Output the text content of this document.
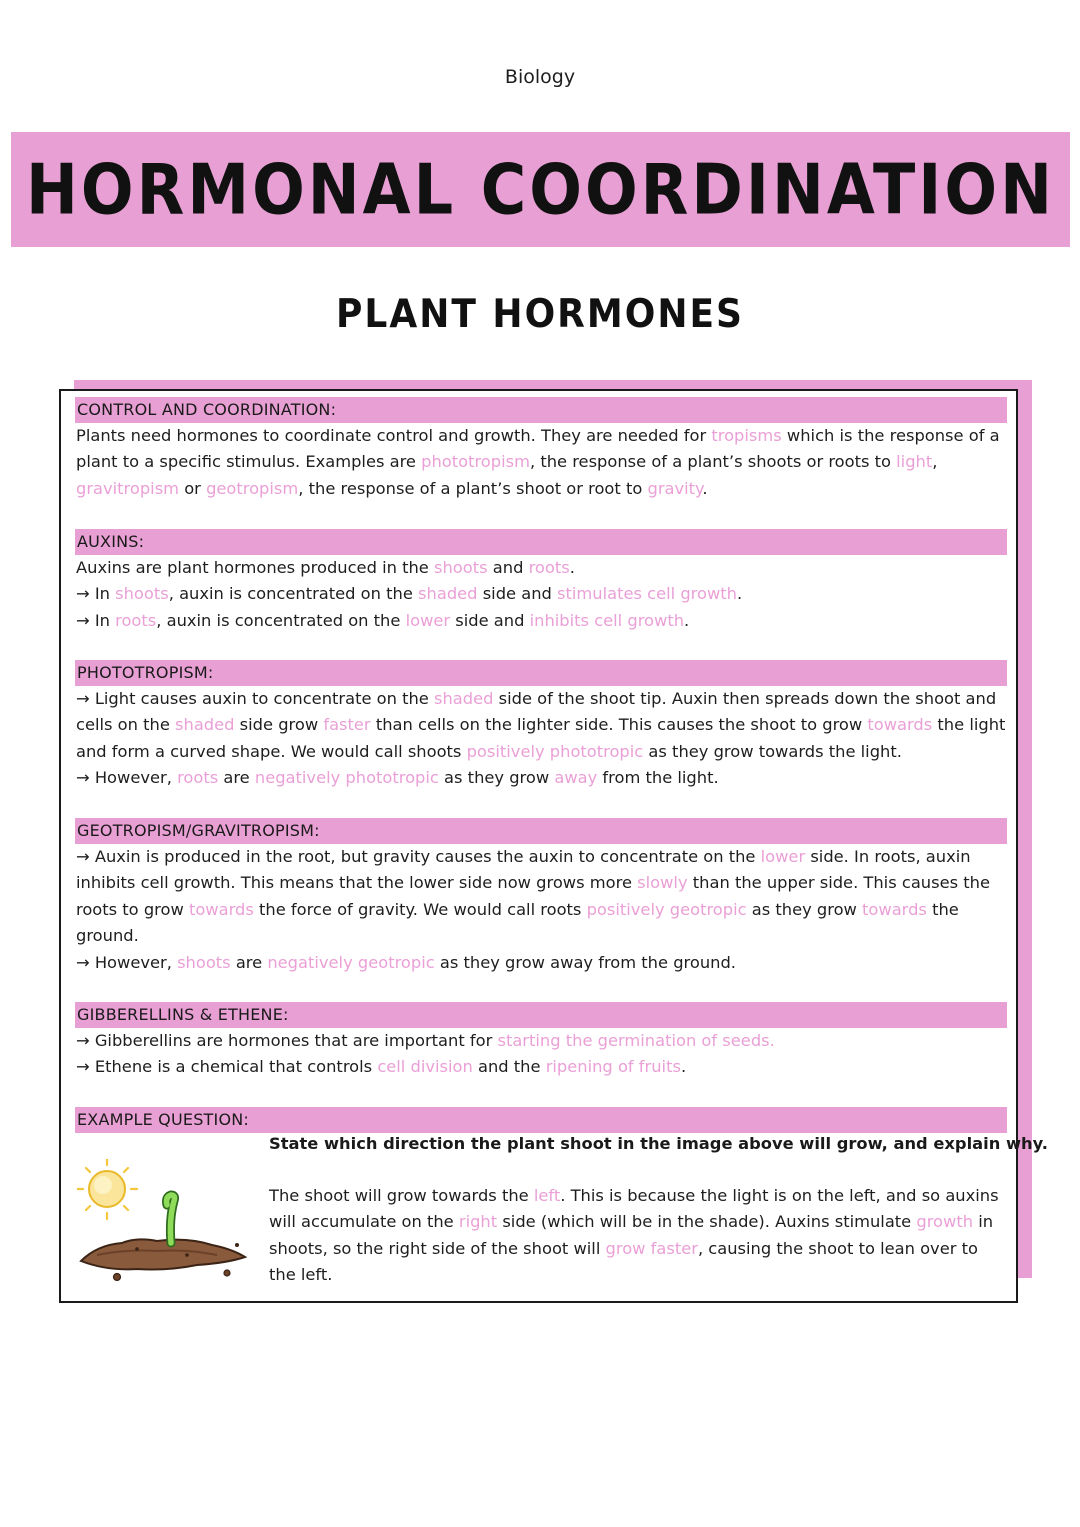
Biology
HORMONAL COORDINATION
PLANT HORMONES
CONTROL AND COORDINATION:
Plants need hormones to coordinate control and growth. They are needed for tropisms which is the response of a
plant to a specific stimulus. Examples are phototropism, the response of a plant’s shoots or roots to light,
gravitropism or geotropism, the response of a plant’s shoot or root to gravity.
AUXINS:
Auxins are plant hormones produced in the shoots and roots.
→ In shoots, auxin is concentrated on the shaded side and stimulates cell growth.
→ In roots, auxin is concentrated on the lower side and inhibits cell growth.
PHOTOTROPISM:
→ Light causes auxin to concentrate on the shaded side of the shoot tip. Auxin then spreads down the shoot and
cells on the shaded side grow faster than cells on the lighter side. This causes the shoot to grow towards the light
and form a curved shape. We would call shoots positively phototropic as they grow towards the light.
→ However, roots are negatively phototropic as they grow away from the light.
GEOTROPISM/GRAVITROPISM:
→ Auxin is produced in the root, but gravity causes the auxin to concentrate on the lower side. In roots, auxin
inhibits cell growth. This means that the lower side now grows more slowly than the upper side. This causes the
roots to grow towards the force of gravity. We would call roots positively geotropic as they grow towards the
ground.
→ However, shoots are negatively geotropic as they grow away from the ground.
GIBBERELLINS & ETHENE:
→ Gibberellins are hormones that are important for starting the germination of seeds.
→ Ethene is a chemical that controls cell division and the ripening of fruits.
EXAMPLE QUESTION:
State which direction the plant shoot in the image above will grow, and explain why.
The shoot will grow towards the left. This is because the light is on the left, and so auxins
will accumulate on the right side (which will be in the shade). Auxins stimulate growth in
shoots, so the right side of the shoot will grow faster, causing the shoot to lean over to
the left.
